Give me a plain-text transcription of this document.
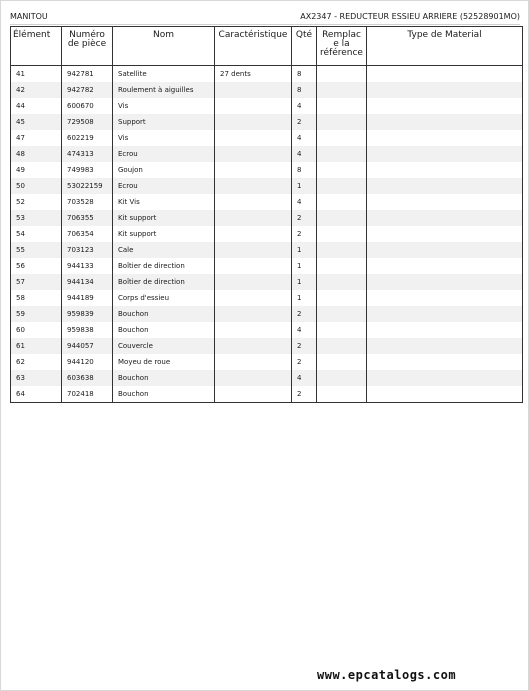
MANITOU	AX2347 - REDUCTEUR ESSIEU ARRIERE (52528901MO)
Élément	Numéro de pièce	Nom	Caractéristique	Qté	Remplac e la référence	Type de Material
41	942781	Satellite	27 dents	8		
42	942782	Roulement à aiguilles		8		
44	600670	Vis		4		
45	729508	Support		2		
47	602219	Vis		4		
48	474313	Ecrou		4		
49	749983	Goujon		8		
50	53022159	Ecrou		1		
52	703528	Kit Vis		4		
53	706355	Kit support		2		
54	706354	Kit support		2		
55	703123	Cale		1		
56	944133	Boîtier de direction		1		
57	944134	Boîtier de direction		1		
58	944189	Corps d'essieu		1		
59	959839	Bouchon		2		
60	959838	Bouchon		4		
61	944057	Couvercle		2		
62	944120	Moyeu de roue		2		
63	603638	Bouchon		4		
64	702418	Bouchon		2		
www.epcatalogs.com
